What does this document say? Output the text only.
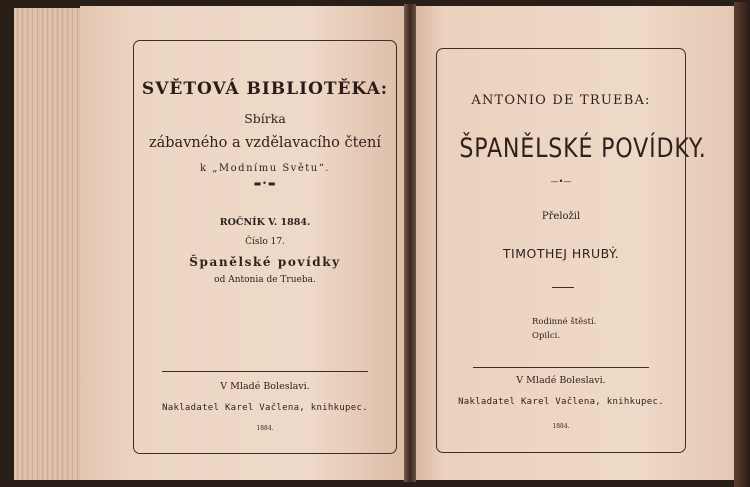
SVĚTOVÁ BIBLIOTĚKA:
Sbírka
zábavného a vzdělavacího čtení
k „Modnímu Světu“.
▬•▬
ROČNÍK V. 1884.
Číslo 17.
Španělské povídky
od Antonia de Trueba.
V Mladé Boleslavi.
Nakladatel Karel Vačlena, knihkupec.
1884.
ANTONIO DE TRUEBA:
ŠPANĚLSKÉ POVÍDKY.
—•—
Přeložil
TIMOTHEJ HRUBÝ.
Rodinné štěstí.
Opilci.
V Mladé Boleslavi.
Nakladatel Karel Vačlena, knihkupec.
1884.
